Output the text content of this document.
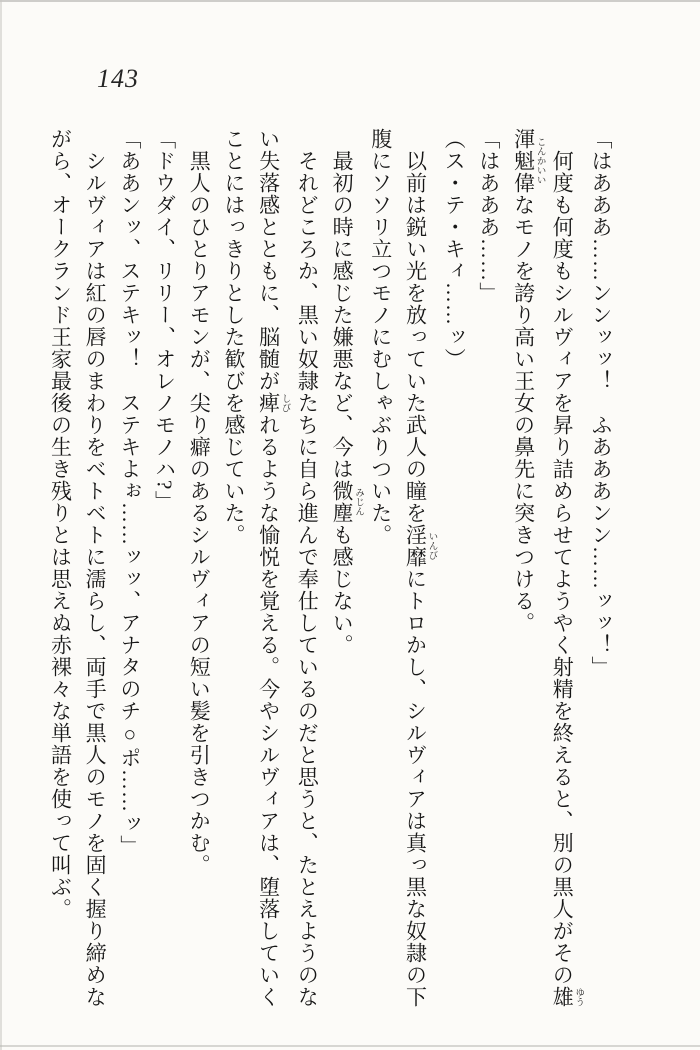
143
「はあああ……ンンッッ！　ふあああンン……ッッ！」
何度も何度もシルヴィアを昇り詰めらせてようやく射精を終えると、別の黒人がその雄 ゆう
渾魁偉 こんかいいなモノを誇り高い王女の鼻先に突きつける。
「はあああ……」
（ス・テ・キィ……ッ）
以前は鋭い光を放っていた武人の瞳を淫靡 いんびにトロかし、シルヴィアは真っ黒な奴隷の下
腹にソソリ立つモノにむしゃぶりついた。
最初の時に感じた嫌悪など、今は微塵 みじんも感じない。
それどころか、黒い奴隷たちに自ら進んで奉仕しているのだと思うと、たとえようのな
い失落感とともに、脳髄が痺 しびれるような愉悦を覚える。今やシルヴィアは、堕落していく
ことにはっきりとした歓びを感じていた。
黒人のひとりアモンが、尖り癖のあるシルヴィアの短い髪を引きつかむ。
「ドウダイ、リリー、オレノモノハ?」
「ああンッ、ステキッ！　ステキよぉ……ッッ、アナタのチ○ポ……ッ」
シルヴィアは紅の唇のまわりをベトベトに濡らし、両手で黒人のモノを固く握り締めな
がら、オークランド王家最後の生き残りとは思えぬ赤裸々な単語を使って叫ぶ。
